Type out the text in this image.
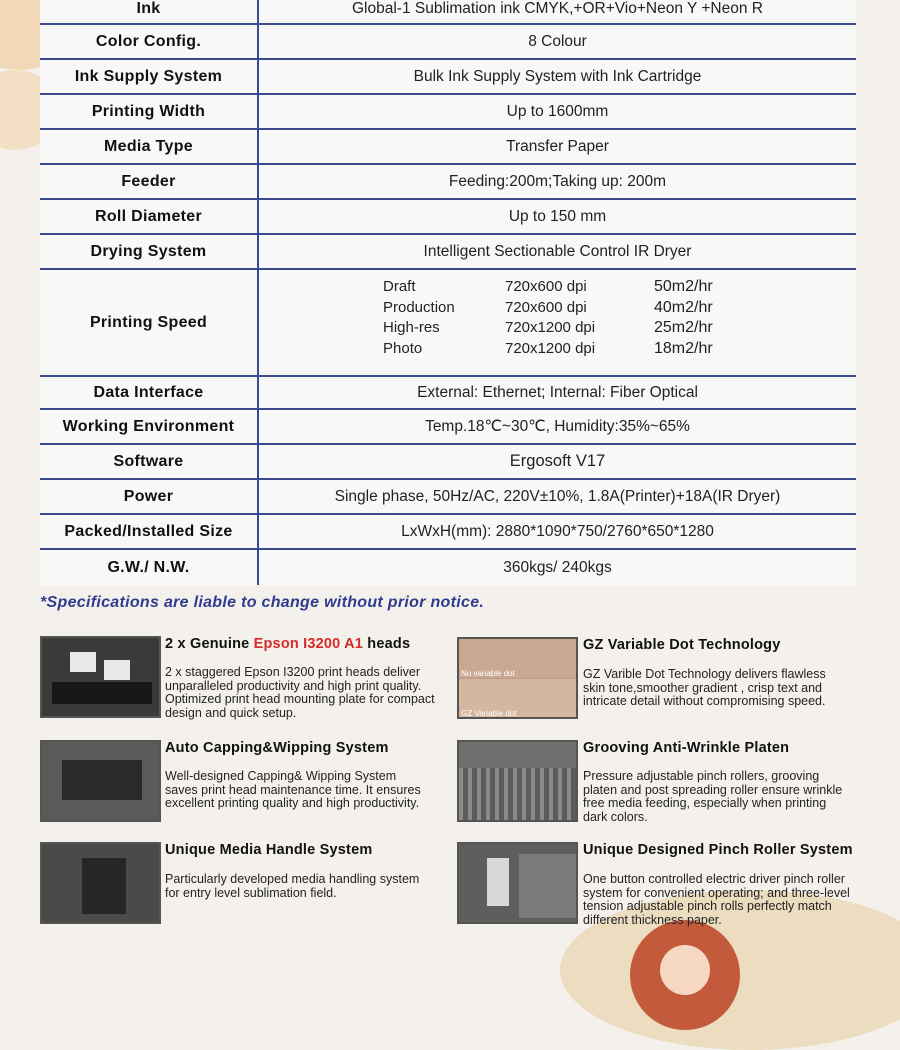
Ink	Global-1 Sublimation ink CMYK,+OR+Vio+Neon Y +Neon R
Color Config.	8 Colour
Ink Supply System	Bulk Ink Supply System with Ink Cartridge
Printing Width	Up to 1600mm
Media Type	Transfer Paper
Feeder	Feeding:200m;Taking up: 200m
Roll Diameter	Up to 150 mm
Drying System	Intelligent Sectionable Control IR Dryer
Printing Speed
Draft	720x600 dpi	50m2/hr
Production	720x600 dpi	40m2/hr
High-res	720x1200 dpi	25m2/hr
Photo	720x1200 dpi	18m2/hr
Data Interface	External: Ethernet; Internal: Fiber Optical
Working Environment	Temp.18℃~30℃, Humidity:35%~65%
Software	Ergosoft V17
Power	Single phase, 50Hz/AC, 220V±10%, 1.8A(Printer)+18A(IR Dryer)
Packed/Installed Size	LxWxH(mm): 2880*1090*750/2760*650*1280
G.W./ N.W.	360kgs/ 240kgs
*Specifications are liable to change without prior notice.
2 x Genuine Epson I3200 A1 heads
2 x staggered Epson I3200 print heads deliver
unparalleled productivity and high print quality.
Optimized print head mounting plate for compact
design and quick setup.
No variable dot
GZ Variable dot
GZ Variable Dot Technology
GZ Varible Dot Technology delivers flawless
skin tone,smoother gradient , crisp text and
intricate detail without compromising speed.
Auto Capping&Wipping System
Well-designed Capping& Wipping System
saves print head maintenance time. It ensures
excellent printing quality and high productivity.
Grooving Anti-Wrinkle Platen
Pressure adjustable pinch rollers, grooving
platen and post spreading roller ensure wrinkle
free media feeding, especially when printing
dark colors.
Unique Media Handle System
Particularly developed media handling system
for entry level sublimation field.
Unique Designed Pinch Roller System
One button controlled electric driver pinch roller
system for convenient operating; and three-level
tension adjustable pinch rolls perfectly match
different thickness paper.
